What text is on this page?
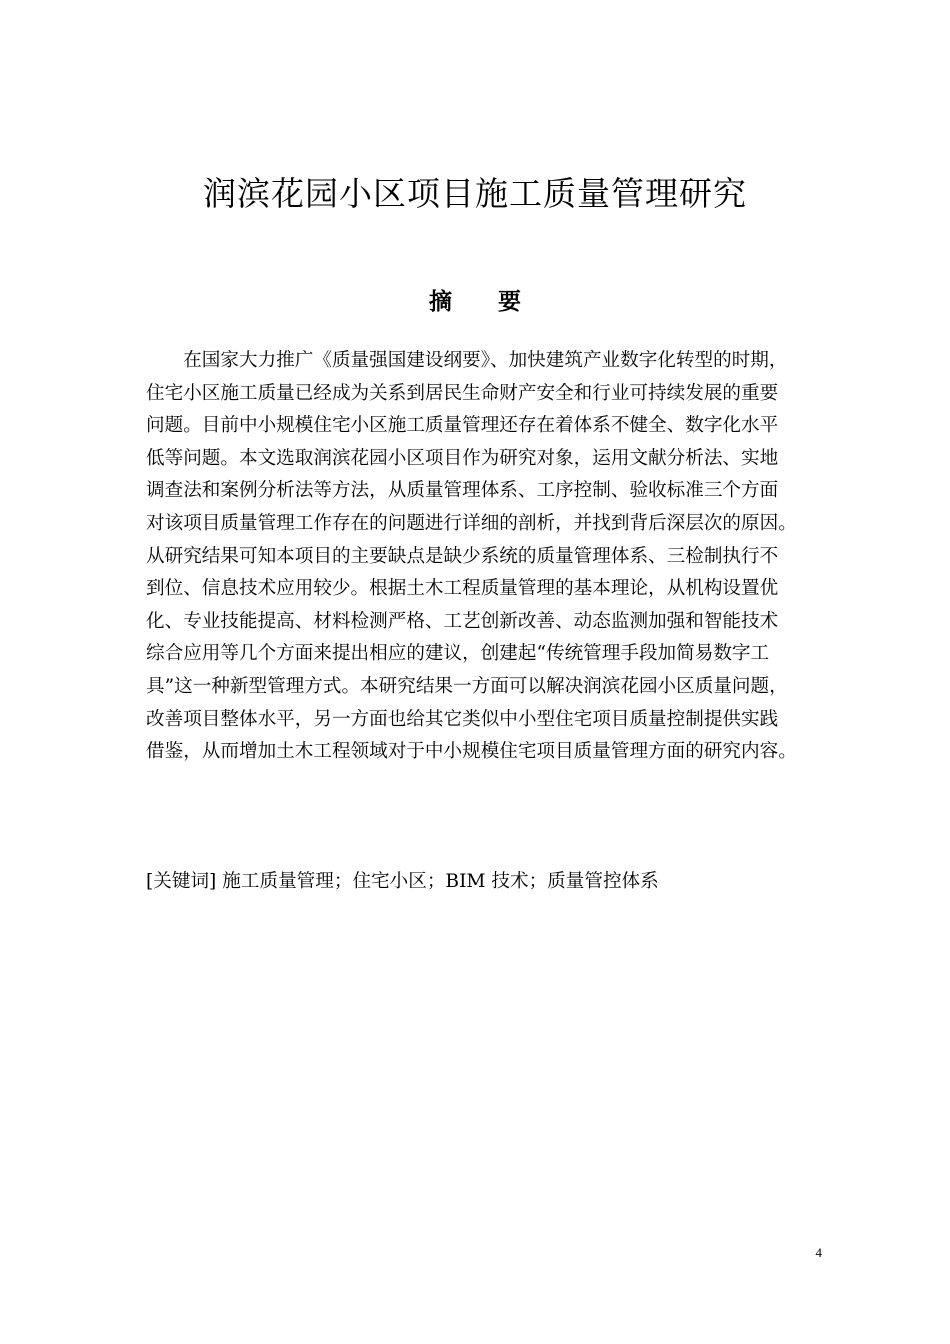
润滨花园小区项目施工质量管理研究
摘　　要
　　在国家大力推广《质量强国建设纲要》、加快建筑产业数字化转型的时期，
住宅小区施工质量已经成为关系到居民生命财产安全和行业可持续发展的重要
问题。目前中小规模住宅小区施工质量管理还存在着体系不健全、数字化水平
低等问题。本文选取润滨花园小区项目作为研究对象，运用文献分析法、实地
调查法和案例分析法等方法，从质量管理体系、工序控制、验收标准三个方面
对该项目质量管理工作存在的问题进行详细的剖析，并找到背后深层次的原因。
从研究结果可知本项目的主要缺点是缺少系统的质量管理体系、三检制执行不
到位、信息技术应用较少。根据土木工程质量管理的基本理论，从机构设置优
化、专业技能提高、材料检测严格、工艺创新改善、动态监测加强和智能技术
综合应用等几个方面来提出相应的建议，创建起“传统管理手段加简易数字工
具”这一种新型管理方式。本研究结果一方面可以解决润滨花园小区质量问题，
改善项目整体水平，另一方面也给其它类似中小型住宅项目质量控制提供实践
借鉴，从而增加土木工程领域对于中小规模住宅项目质量管理方面的研究内容。
[关键词] 施工质量管理；住宅小区；BIM 技术；质量管控体系
4
